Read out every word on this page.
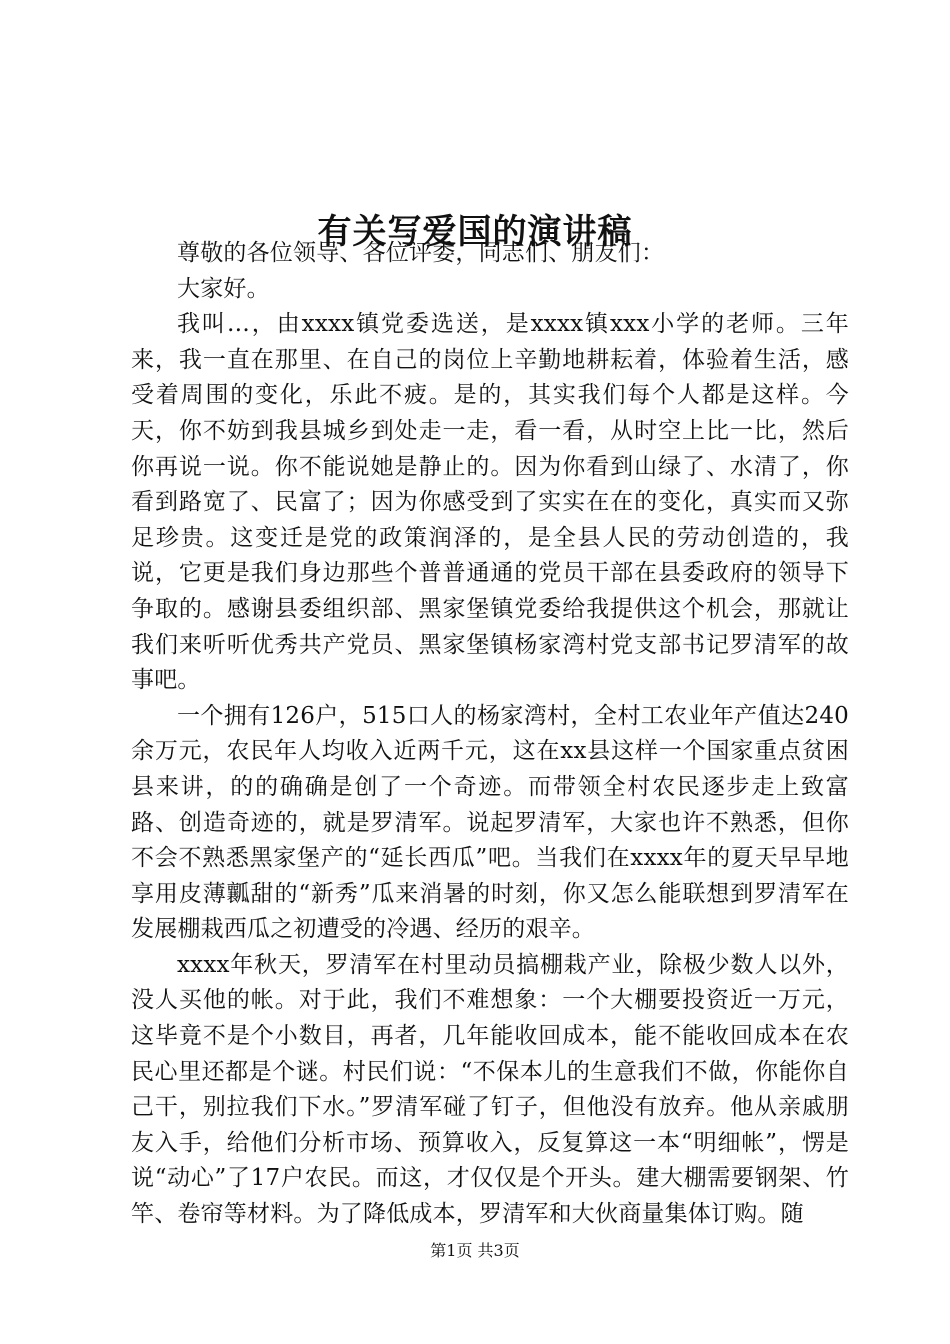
有关写爱国的演讲稿

尊敬的各位领导、各位评委，同志们、朋友们：

大家好。

我叫…，由xxxx镇党委选送，是xxxx镇xxx小学的老师。三年来，我一直在那里、在自己的岗位上辛勤地耕耘着，体验着生活，感受着周围的变化，乐此不疲。是的，其实我们每个人都是这样。今天，你不妨到我县城乡到处走一走，看一看，从时空上比一比，然后你再说一说。你不能说她是静止的。因为你看到山绿了、水清了，你看到路宽了、民富了；因为你感受到了实实在在的变化，真实而又弥足珍贵。这变迁是党的政策润泽的，是全县人民的劳动创造的，我说，它更是我们身边那些个普普通通的党员干部在县委政府的领导下争取的。感谢县委组织部、黑家堡镇党委给我提供这个机会，那就让我们来听听优秀共产党员、黑家堡镇杨家湾村党支部书记罗清军的故事吧。

一个拥有126户，515口人的杨家湾村，全村工农业年产值达240余万元，农民年人均收入近两千元，这在xx县这样一个国家重点贫困县来讲，的的确确是创了一个奇迹。而带领全村农民逐步走上致富路、创造奇迹的，就是罗清军。说起罗清军，大家也许不熟悉，但你不会不熟悉黑家堡产的“延长西瓜”吧。当我们在xxxx年的夏天早早地享用皮薄瓤甜的“新秀”瓜来消暑的时刻，你又怎么能联想到罗清军在发展棚栽西瓜之初遭受的冷遇、经历的艰辛。

xxxx年秋天，罗清军在村里动员搞棚栽产业，除极少数人以外，没人买他的帐。对于此，我们不难想象：一个大棚要投资近一万元，这毕竟不是个小数目，再者，几年能收回成本，能不能收回成本在农民心里还都是个谜。村民们说：“不保本儿的生意我们不做，你能你自己干，别拉我们下水。”罗清军碰了钉子，但他没有放弃。他从亲戚朋友入手，给他们分析市场、预算收入，反复算这一本“明细帐”，愣是说“动心”了17户农民。而这，才仅仅是个开头。建大棚需要钢架、竹竿、卷帘等材料。为了降低成本，罗清军和大伙商量集体订购。随

第1页 共3页
